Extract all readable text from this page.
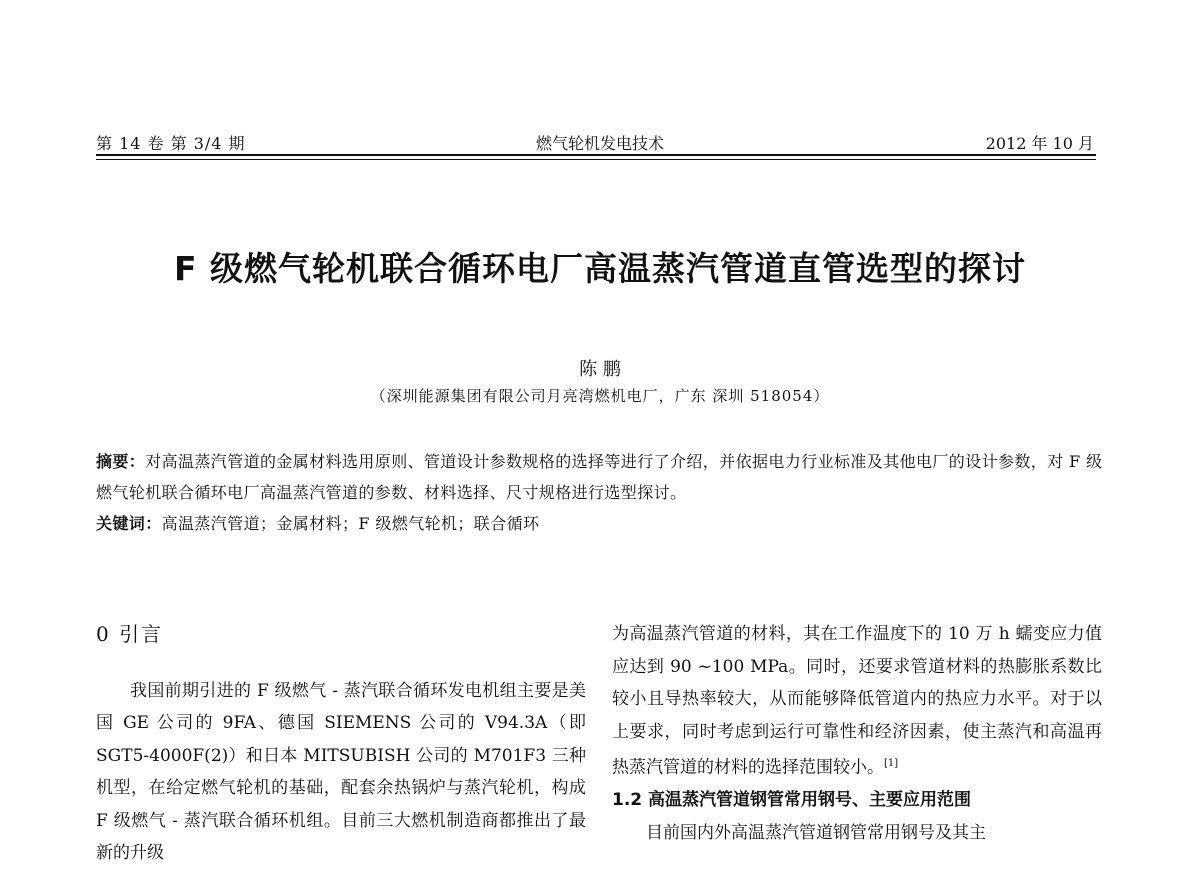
第 14 卷 第 3/4 期	燃气轮机发电技术	2012 年 10 月
F 级燃气轮机联合循环电厂高温蒸汽管道直管选型的探讨
陈 鹏
（深圳能源集团有限公司月亮湾燃机电厂，广东 深圳 518054）
摘要：对高温蒸汽管道的金属材料选用原则、管道设计参数规格的选择等进行了介绍，并依据电力行业标准及其他电厂的设计参数，对 F 级燃气轮机联合循环电厂高温蒸汽管道的参数、材料选择、尺寸规格进行选型探讨。
关键词：高温蒸汽管道；金属材料；F 级燃气轮机；联合循环
0 引言

我国前期引进的 F 级燃气 - 蒸汽联合循环发电机组主要是美国 GE 公司的 9FA、德国 SIEMENS 公司的 V94.3A（即 SGT5-4000F(2)）和日本 MITSUBISH 公司的 M701F3 三种机型，在给定燃气轮机的基础，配套余热锅炉与蒸汽轮机，构成 F 级燃气 - 蒸汽联合循环机组。目前三大燃机制造商都推出了最新的升级

为高温蒸汽管道的材料，其在工作温度下的 10 万 h 蠕变应力值应达到 90 ~100 MPa。同时，还要求管道材料的热膨胀系数比较小且导热率较大，从而能够降低管道内的热应力水平。对于以上要求，同时考虑到运行可靠性和经济因素，使主蒸汽和高温再热蒸汽管道的材料的选择范围较小。[1]

1.2 高温蒸汽管道钢管常用钢号、主要应用范围

目前国内外高温蒸汽管道钢管常用钢号及其主
